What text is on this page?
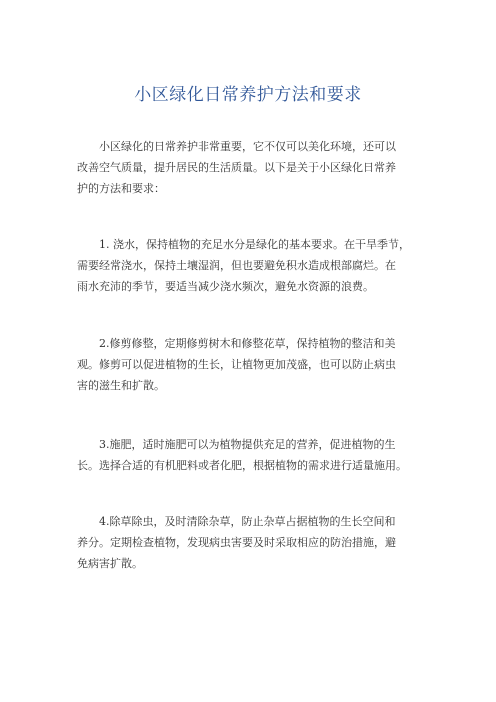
小区绿化日常养护方法和要求

小区绿化的日常养护非常重要，它不仅可以美化环境，还可以
改善空气质量，提升居民的生活质量。以下是关于小区绿化日常养
护的方法和要求：

1. 浇水，保持植物的充足水分是绿化的基本要求。在干旱季节，
需要经常浇水，保持土壤湿润，但也要避免积水造成根部腐烂。在
雨水充沛的季节，要适当减少浇水频次，避免水资源的浪费。

2.修剪修整，定期修剪树木和修整花草，保持植物的整洁和美
观。修剪可以促进植物的生长，让植物更加茂盛，也可以防止病虫
害的滋生和扩散。

3.施肥，适时施肥可以为植物提供充足的营养，促进植物的生
长。选择合适的有机肥料或者化肥，根据植物的需求进行适量施用。

4.除草除虫，及时清除杂草，防止杂草占据植物的生长空间和
养分。定期检查植物，发现病虫害要及时采取相应的防治措施，避
免病害扩散。
